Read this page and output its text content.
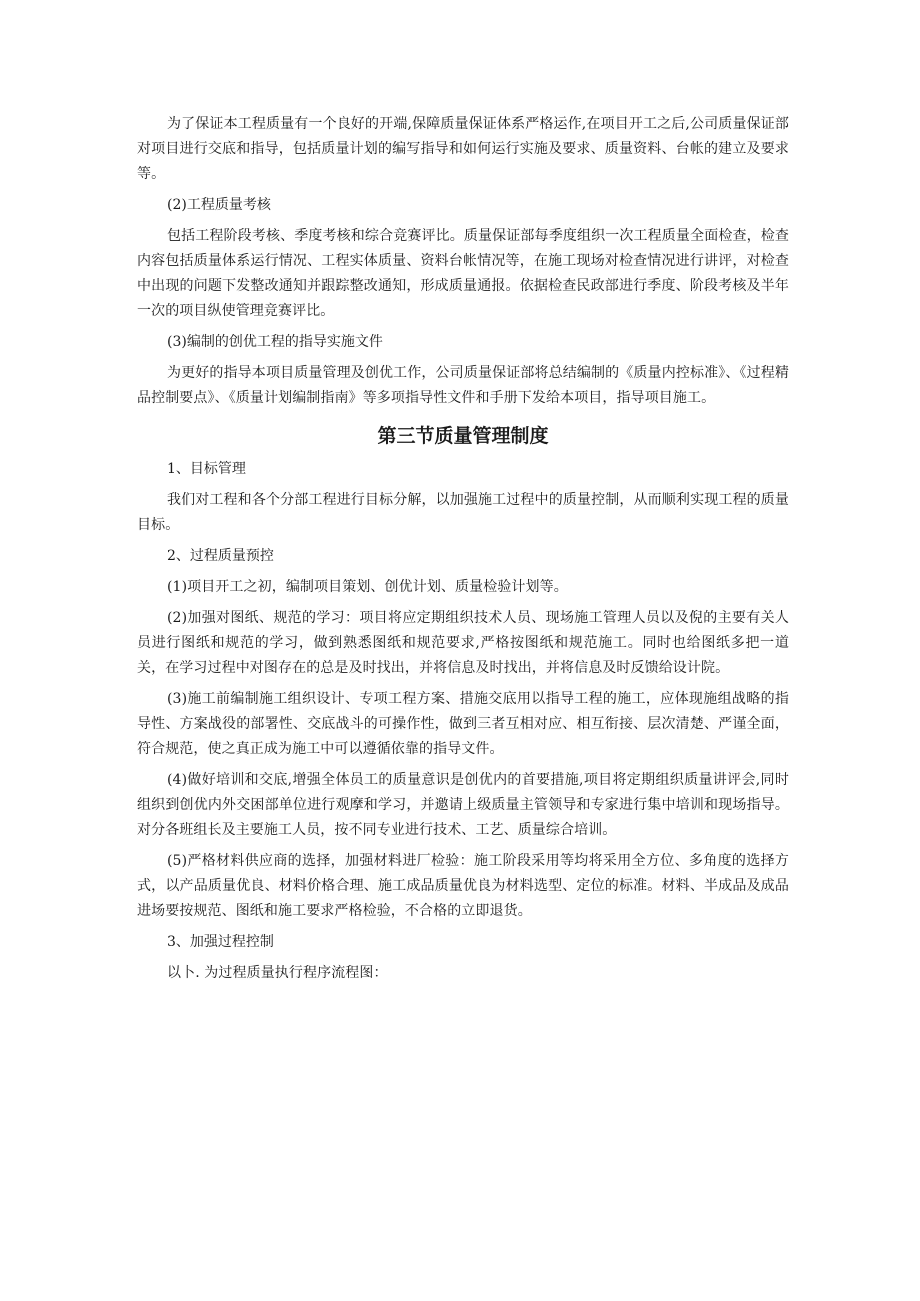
为了保证本工程质量有一个良好的开端,保障质量保证体系严格运作,在项目开工之后,公司质量保证部对项目进行交底和指导，包括质量计划的编写指导和如何运行实施及要求、质量资料、台帐的建立及要求等。

(2)工程质量考核

包括工程阶段考核、季度考核和综合竞赛评比。质量保证部每季度组织一次工程质量全面检查，检查内容包括质量体系运行情况、工程实体质量、资料台帐情况等，在施工现场对检查情况进行讲评，对检查中出现的问题下发整改通知并跟踪整改通知，形成质量通报。依据检查民政部进行季度、阶段考核及半年一次的项目纵使管理竞赛评比。

(3)编制的创优工程的指导实施文件

为更好的指导本项目质量管理及创优工作，公司质量保证部将总结编制的《质量内控标准》、《过程精品控制要点》、《质量计划编制指南》等多项指导性文件和手册下发给本项目，指导项目施工。

第三节质量管理制度

1、目标管理

我们对工程和各个分部工程进行目标分解，以加强施工过程中的质量控制，从而顺利实现工程的质量目标。

2、过程质量预控

(1)项目开工之初，编制项目策划、创优计划、质量检验计划等。

(2)加强对图纸、规范的学习：项目将应定期组织技术人员、现场施工管理人员以及倪的主要有关人员进行图纸和规范的学习，做到熟悉图纸和规范要求,严格按图纸和规范施工。同时也给图纸多把一道关，在学习过程中对图存在的总是及时找出，并将信息及时找出，并将信息及时反馈给设计院。

(3)施工前编制施工组织设计、专项工程方案、措施交底用以指导工程的施工，应体现施组战略的指导性、方案战役的部署性、交底战斗的可操作性，做到三者互相对应、相互衔接、层次清楚、严谨全面，符合规范，使之真正成为施工中可以遵循依靠的指导文件。

(4)做好培训和交底,增强全体员工的质量意识是创优内的首要措施,项目将定期组织质量讲评会,同时组织到创优内外交困部单位进行观摩和学习，并邀请上级质量主管领导和专家进行集中培训和现场指导。对分各班组长及主要施工人员，按不同专业进行技术、工艺、质量综合培训。

(5)严格材料供应商的选择，加强材料进厂检验：施工阶段采用等均将采用全方位、多角度的选择方式，以产品质量优良、材料价格合理、施工成品质量优良为材料选型、定位的标准。材料、半成品及成品进场要按规范、图纸和施工要求严格检验，不合格的立即退货。

3、加强过程控制

以卜. 为过程质量执行程序流程图：
